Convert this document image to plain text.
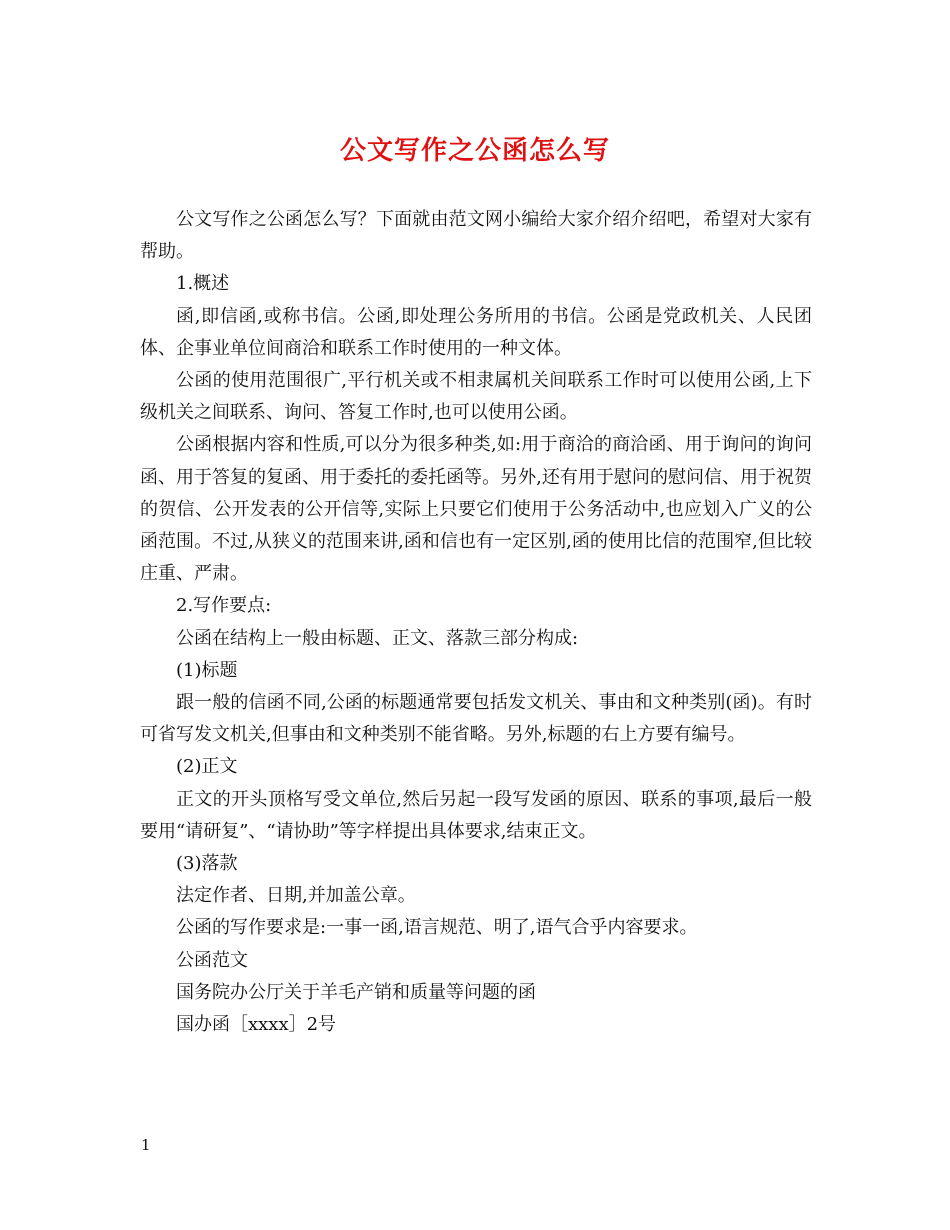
公文写作之公函怎么写

公文写作之公函怎么写？下面就由范文网小编给大家介绍介绍吧，希望对大家有帮助。

1.概述

函,即信函,或称书信。公函,即处理公务所用的书信。公函是党政机关、人民团体、企事业单位间商洽和联系工作时使用的一种文体。

公函的使用范围很广,平行机关或不相隶属机关间联系工作时可以使用公函,上下级机关之间联系、询问、答复工作时,也可以使用公函。

公函根据内容和性质,可以分为很多种类,如:用于商洽的商洽函、用于询问的询问函、用于答复的复函、用于委托的委托函等。另外,还有用于慰问的慰问信、用于祝贺的贺信、公开发表的公开信等,实际上只要它们使用于公务活动中,也应划入广义的公函范围。不过,从狭义的范围来讲,函和信也有一定区别,函的使用比信的范围窄,但比较庄重、严肃。

2.写作要点:

公函在结构上一般由标题、正文、落款三部分构成:

(1)标题

跟一般的信函不同,公函的标题通常要包括发文机关、事由和文种类别(函)。有时可省写发文机关,但事由和文种类别不能省略。另外,标题的右上方要有编号。

(2)正文

正文的开头顶格写受文单位,然后另起一段写发函的原因、联系的事项,最后一般要用“请研复”、“请协助”等字样提出具体要求,结束正文。

(3)落款

法定作者、日期,并加盖公章。

公函的写作要求是:一事一函,语言规范、明了,语气合乎内容要求。

公函范文

国务院办公厅关于羊毛产销和质量等问题的函

国办函［xxxx］2号

1
